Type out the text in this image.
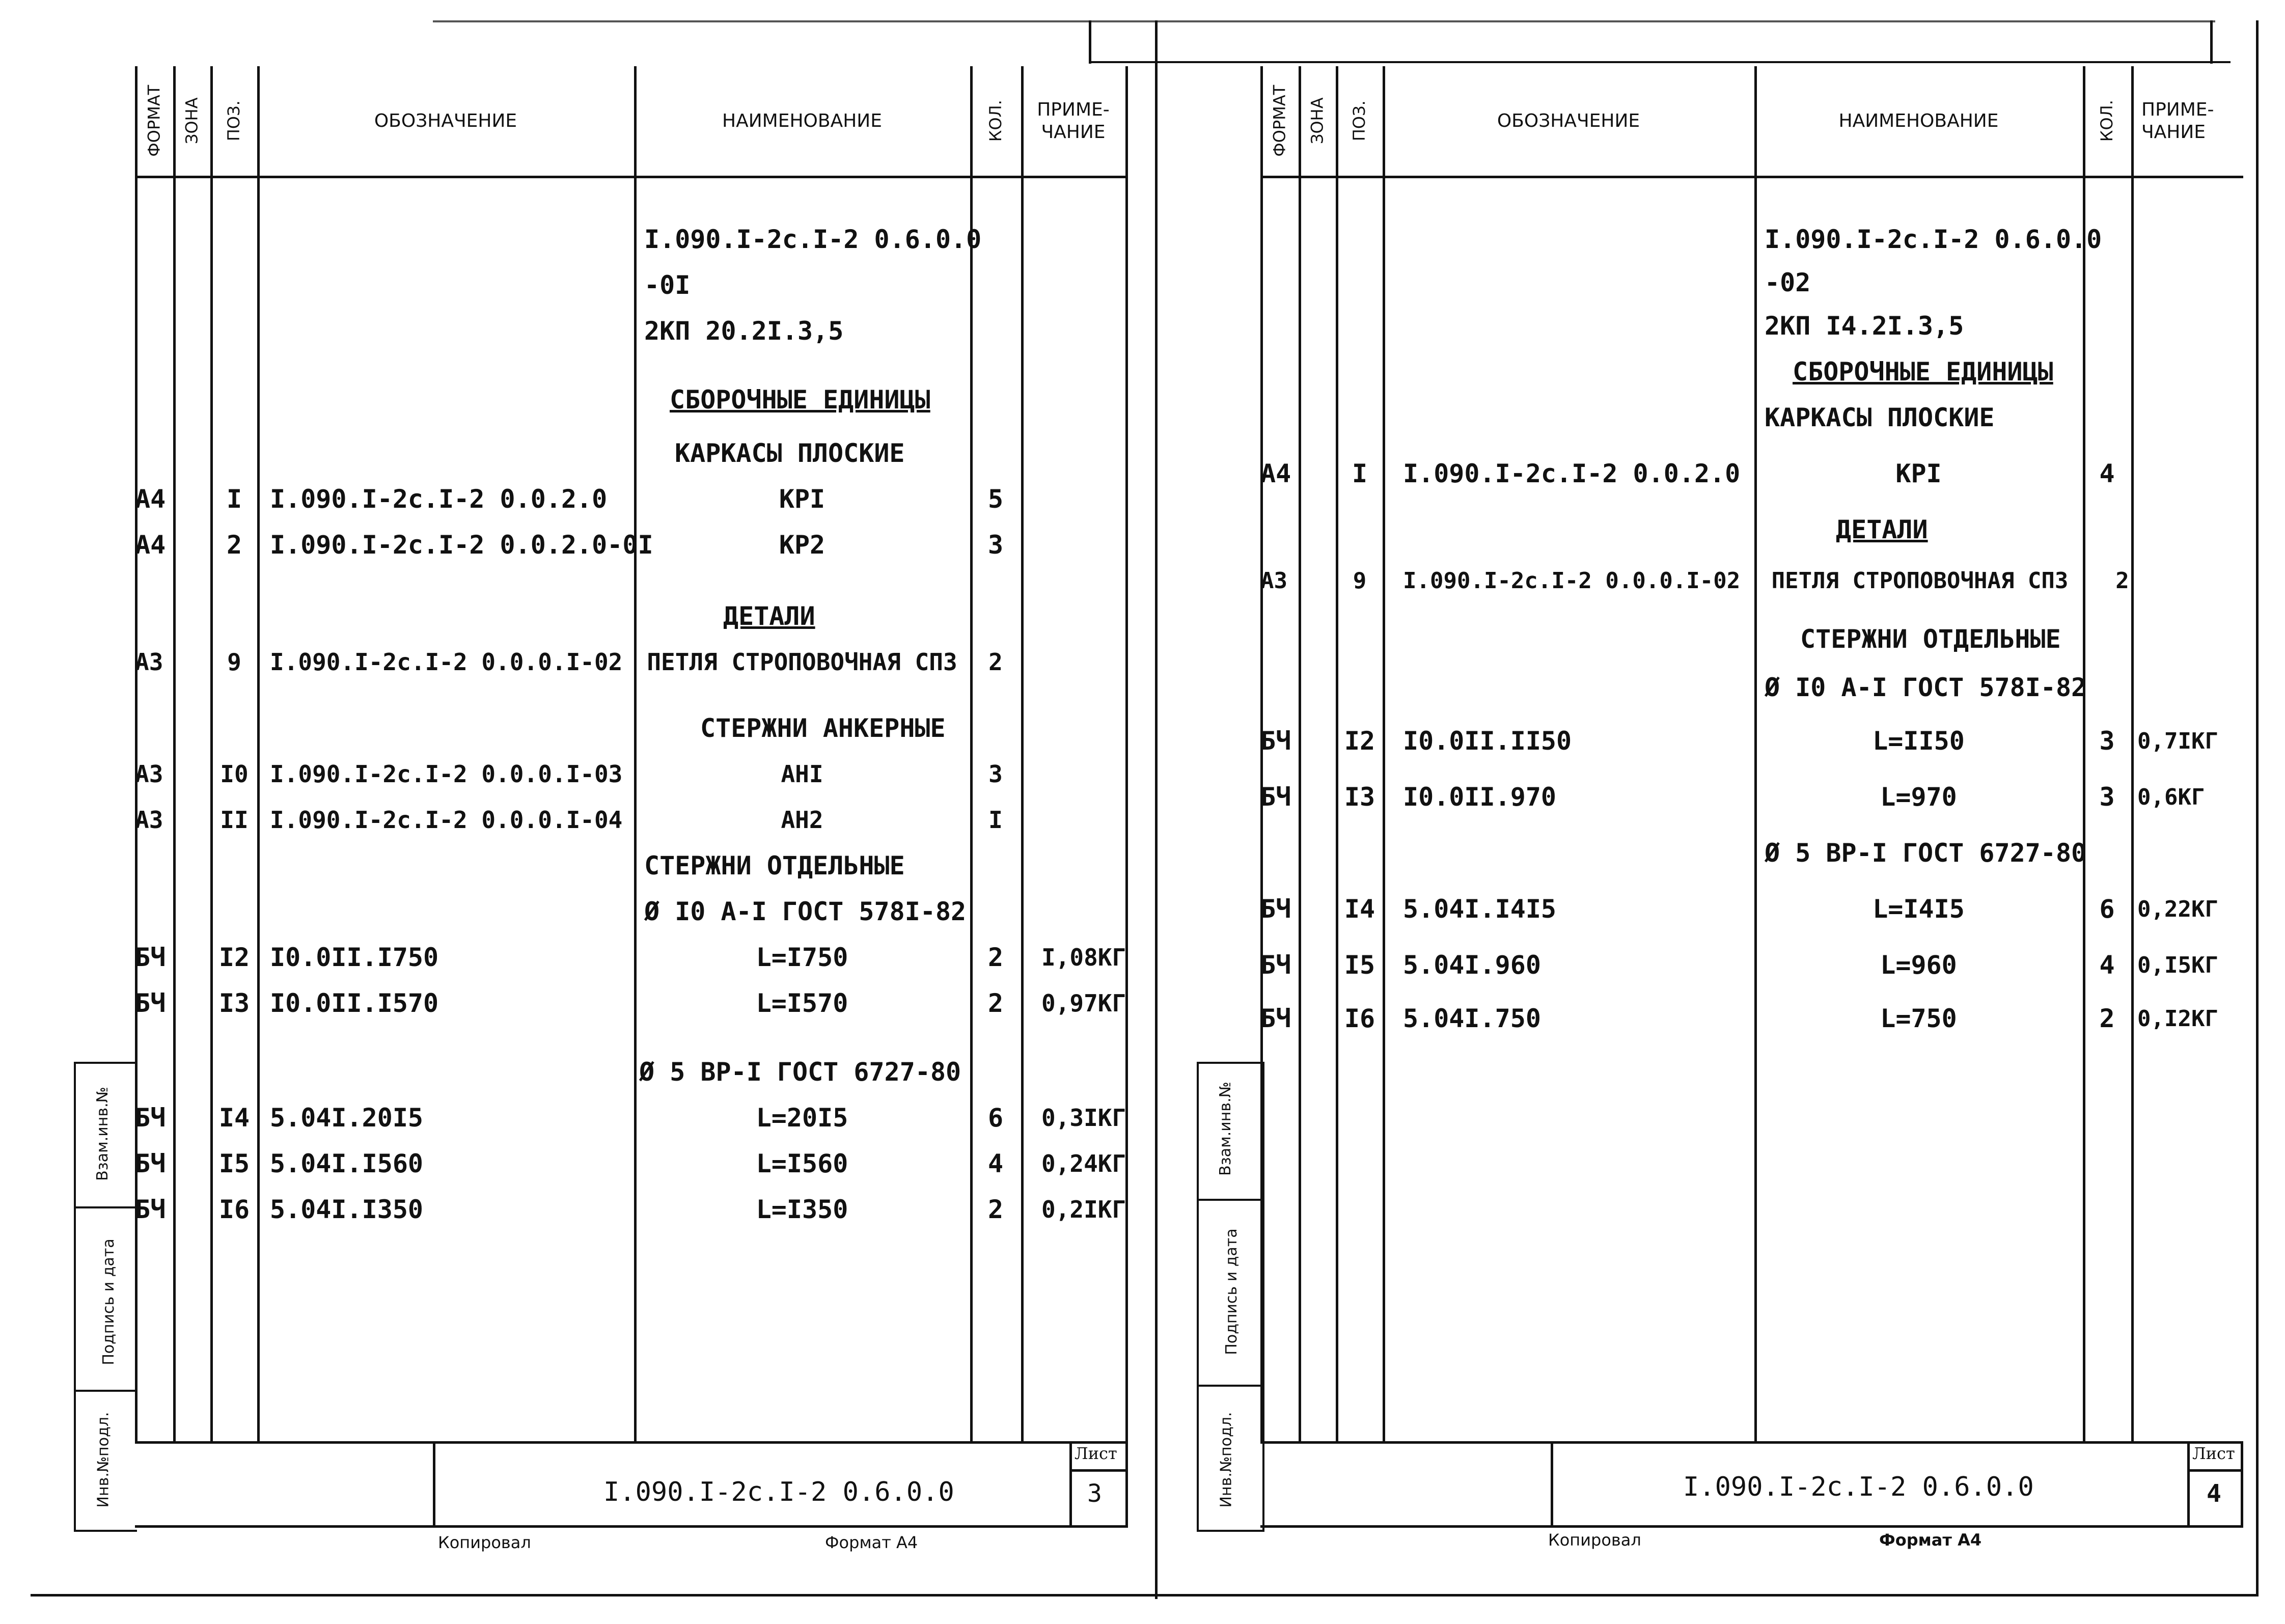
ФОРМАТ ЗОНА ПОЗ.	ОБОЗНАЧЕНИЕ	НАИМЕНОВАНИЕ	КОЛ. ПРИМЕ-
ЧАНИЕ
I.090.I-2c.I-2 0.6.0.0
-0I
2КП 20.2I.3,5
СБОРОЧНЫЕ ЕДИНИЦЫ
КАРКАСЫ ПЛОСКИЕ
А4	I	I.090.I-2c.I-2 0.0.2.0	КРI	5
А4	2	I.090.I-2c.I-2 0.0.2.0-0I	КР2	3
ДЕТАЛИ
А3	9	I.090.I-2c.I-2 0.0.0.I-02	ПЕТЛЯ СТРОПОВОЧНАЯ СПЗ	2
СТЕРЖНИ АНКЕРНЫЕ
А3	I0 I.090.I-2c.I-2 0.0.0.I-03	АНI	3
А3	II I.090.I-2c.I-2 0.0.0.I-04	АН2	I
СТЕРЖНИ ОТДЕЛЬНЫЕ
Ø I0 A-I ГОСТ 578I-82
БЧ	I2 I0.0II.I750	L=I750	2	I,08КГ
БЧ	I3 I0.0II.I570	L=I570	2	0,97КГ
Ø 5 BP-I ГОСТ 6727-80
БЧ	I4 5.04I.20I5	L=20I5	6	0,3IКГ
БЧ	I5 5.04I.I560	L=I560	4	0,24КГ
БЧ	I6 5.04I.I350	L=I350	2	0,2IКГ
I.090.I-2c.I-2 0.6.0.0
Лист
3
Взам.инв.№
Подпись и дата
Инв.№подл.
Копировал	Формат А4
ФОРМАТ ЗОНА ПОЗ.	ОБОЗНАЧЕНИЕ	НАИМЕНОВАНИЕ	КОЛ. ПРИМЕ-
ЧАНИЕ
I.090.I-2c.I-2 0.6.0.0
-02
2КП I4.2I.3,5
СБОРОЧНЫЕ ЕДИНИЦЫ
КАРКАСЫ ПЛОСКИЕ
А4	I	I.090.I-2c.I-2 0.0.2.0	КРI	4
ДЕТАЛИ
А3	9	I.090.I-2c.I-2 0.0.0.I-02	ПЕТЛЯ СТРОПОВОЧНАЯ СПЗ	2
СТЕРЖНИ ОТДЕЛЬНЫЕ
Ø I0 A-I ГОСТ 578I-82
БЧ	I2 I0.0II.II50	L=II50	3	0,7IКГ
БЧ	I3 I0.0II.970	L=970	3	0,6КГ
Ø 5 BP-I ГОСТ 6727-80
БЧ	I4 5.04I.I4I5	L=I4I5	6	0,22КГ
БЧ	I5 5.04I.960	L=960	4	0,I5КГ
БЧ	I6 5.04I.750	L=750	2	0,I2КГ
I.090.I-2c.I-2 0.6.0.0
Лист
4
Взам.инв.№
Подпись и дата
Инв.№подл.
Копировал	Формат А4
